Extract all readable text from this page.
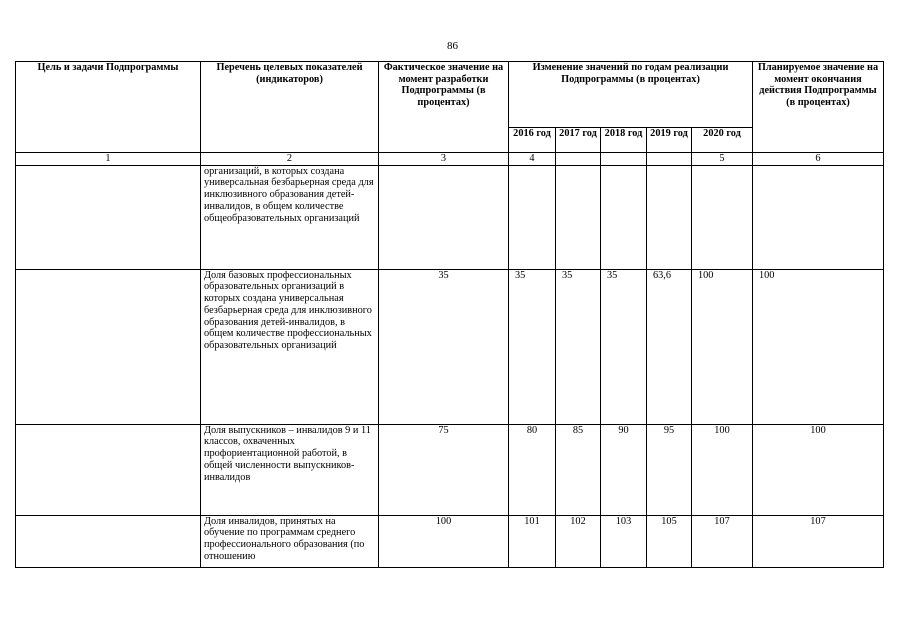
86
Цель и задачи Подпрограммы	Перечень целевых показателей (индикаторов)	Фактическое значение на момент разработки Подпрограммы (в процентах)	Изменение значений по годам реализации Подпрограммы (в процентах)					Планируемое значение на момент окончания действия Подпрограммы (в процентах)
			2016 год	2017 год	2018 год	2019 год	2020 год	
1	2	3	4				5	6
	организаций, в которых создана универсальная безбарьерная среда для инклюзивного образования детей-инвалидов, в общем количестве общеобразовательных организаций							
	Доля базовых профессиональных образовательных организаций в которых создана универсальная безбарьерная среда для инклюзивного образования детей-инвалидов, в общем количестве профессиональных образовательных организаций	35	35	35	35	63,6	100	100
	Доля выпускников – инвалидов 9 и 11 классов, охваченных профориентационной работой, в общей численности выпускников-инвалидов	75	80	85	90	95	100	100
	Доля инвалидов, принятых на обучение по программам среднего профессионального образования (по отношению	100	101	102	103	105	107	107
